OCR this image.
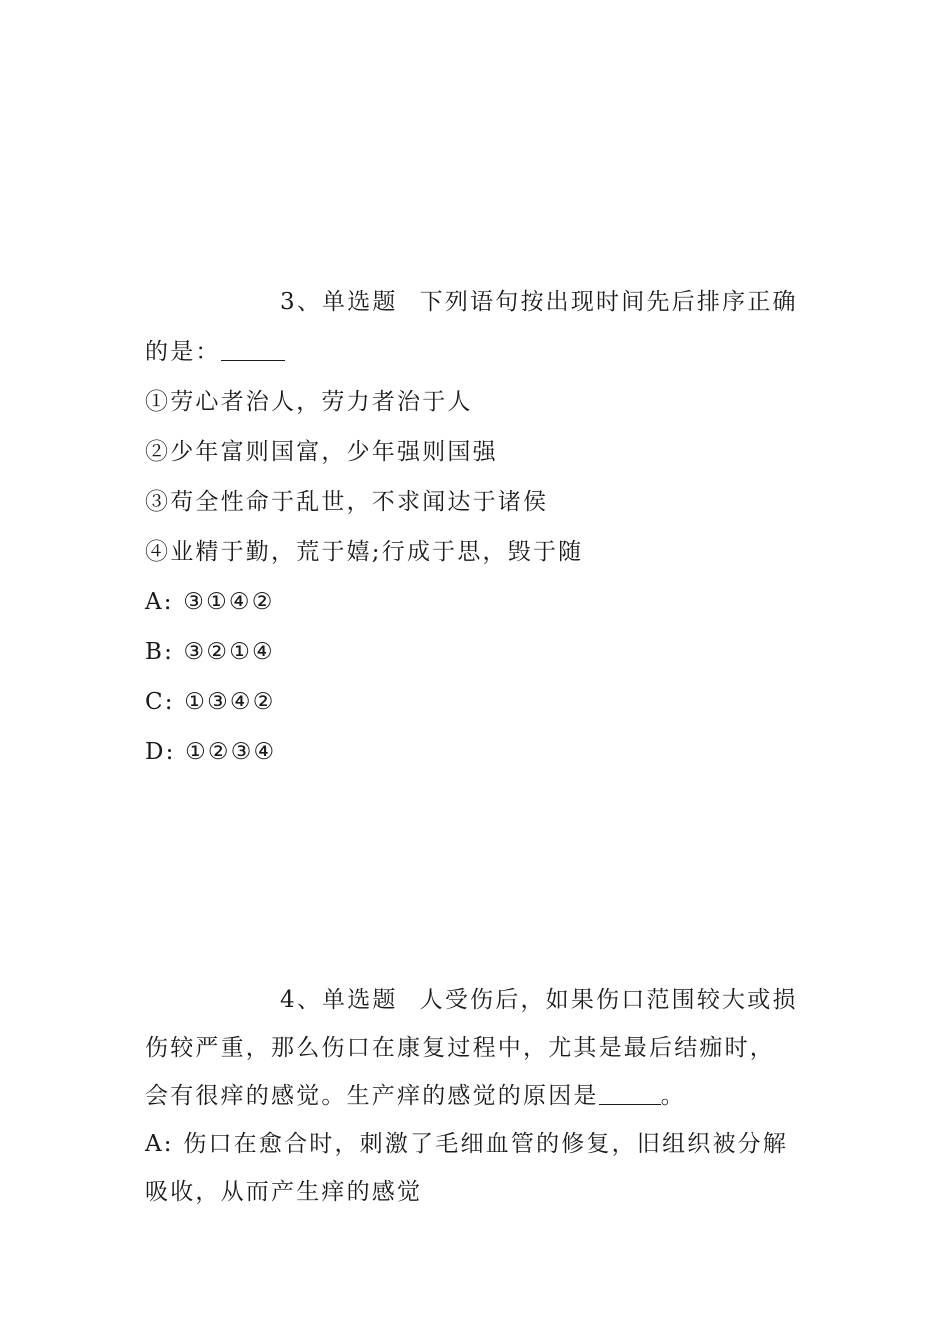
3、单选题 下列语句按出现时间先后排序正确
的是：
①劳心者治人，劳力者治于人
②少年富则国富，少年强则国强
③苟全性命于乱世，不求闻达于诸侯
④业精于勤，荒于嬉;行成于思，毁于随
A: ③①④②
B: ③②①④
C: ①③④②
D: ①②③④
4、单选题 人受伤后，如果伤口范围较大或损
伤较严重，那么伤口在康复过程中，尤其是最后结痂时，
会有很痒的感觉。生产痒的感觉的原因是	。
A: 伤口在愈合时，刺激了毛细血管的修复，旧组织被分解
吸收，从而产生痒的感觉
